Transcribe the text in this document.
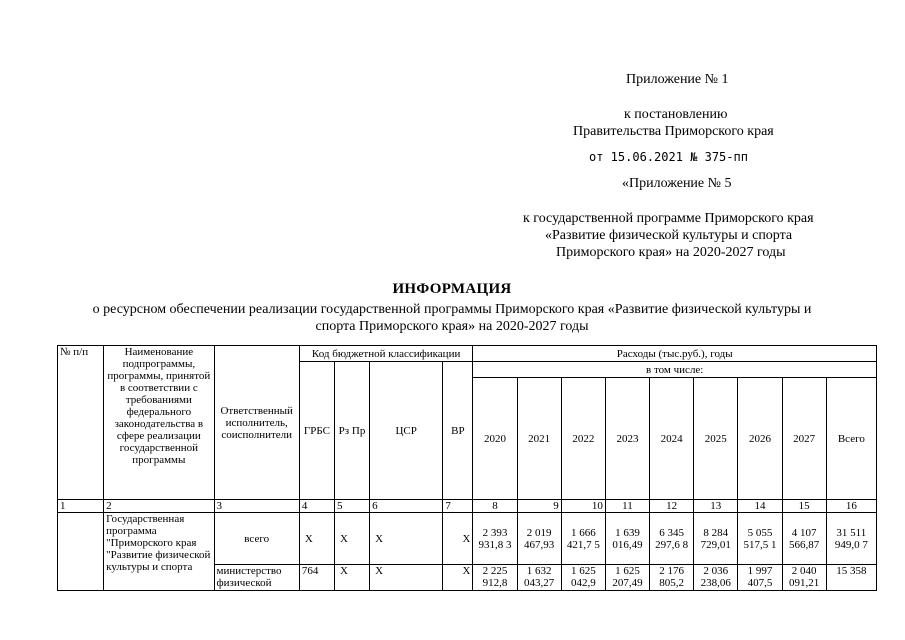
Приложение № 1
к постановлению
Правительства Приморского края
от 15.06.2021 № 375-пп
«Приложение № 5
к государственной программе Приморского края
«Развитие физической культуры и спорта
Приморского края» на 2020-2027 годы
ИНФОРМАЦИЯ
о ресурсном обеспечении реализации государственной программы Приморского края «Развитие физической культуры и
спорта Приморского края» на 2020-2027 годы
№ п/п	Наименование подпрограммы, программы, принятой в соответствии с требованиями федерального законодательства в сфере реализации государственной программы	Ответственный исполнитель, соисполнители	Код бюджетной классификации				Расходы (тыс.руб.), годы								
			ГРБС	Рз Пр	ЦСР	ВР	в том числе:								
							2020	2021	2022	2023	2024	2025	2026	2027	Всего
1	2	3	4	5	6	7	8	9	10	11	12	13	14	15	16
	Государственная программа "Приморского края "Развитие физической культуры и спорта	всего	X	X	X	X	2 393 931,8 3	2 019 467,93	1 666 421,7 5	1 639 016,49	6 345 297,6 8	8 284 729,01	5 055 517,5 1	4 107 566,87	31 511 949,0 7
		министерство физической	764	X	X	X	2 225 912,8	1 632 043,27	1 625 042,9	1 625 207,49	2 176 805,2	2 036 238,06	1 997 407,5	2 040 091,21	15 358
